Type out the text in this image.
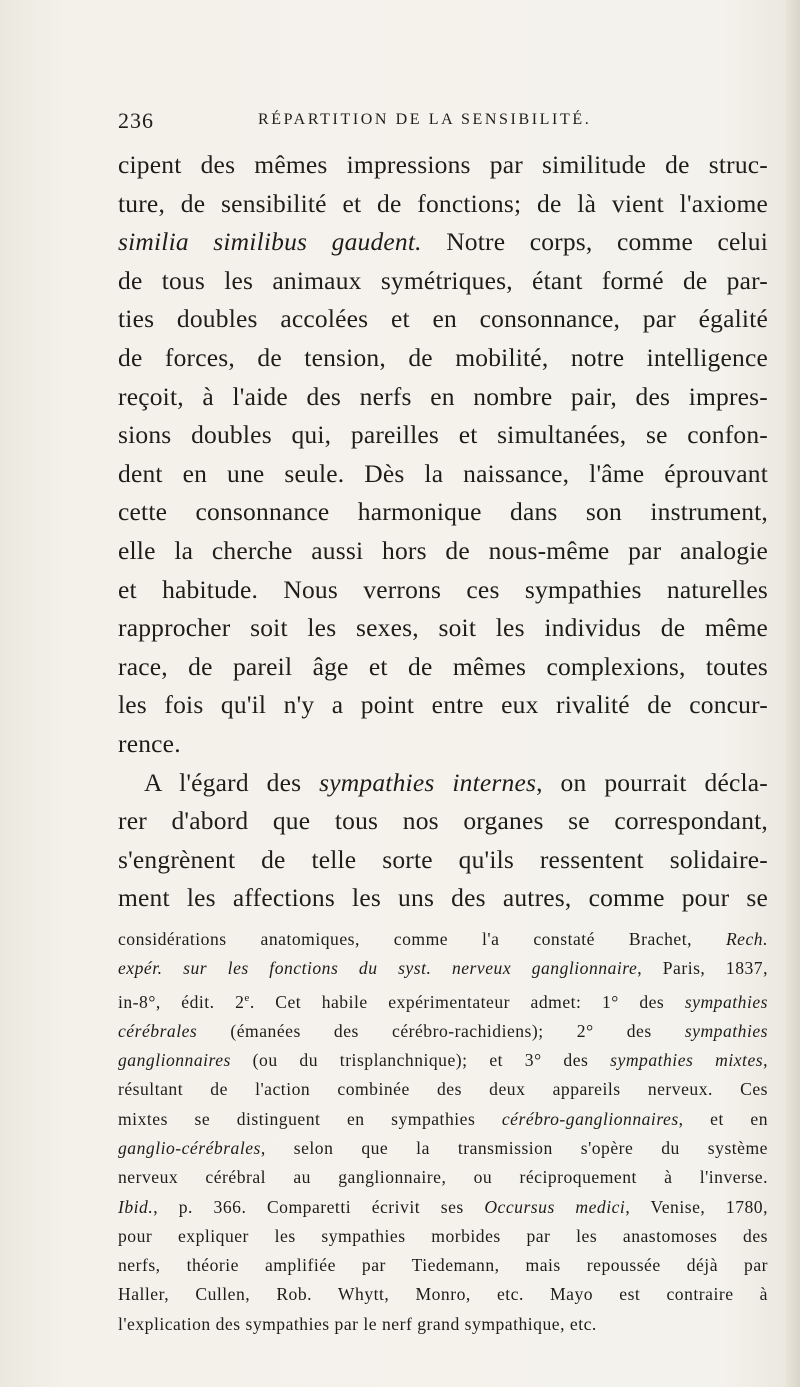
236	RÉPARTITION DE LA SENSIBILITÉ.
cipent des mêmes impressions par similitude de struc-
ture, de sensibilité et de fonctions; de là vient l'axiome
similia similibus gaudent. Notre corps, comme celui
de tous les animaux symétriques, étant formé de par-
ties doubles accolées et en consonnance, par égalité
de forces, de tension, de mobilité, notre intelligence
reçoit, à l'aide des nerfs en nombre pair, des impres-
sions doubles qui, pareilles et simultanées, se confon-
dent en une seule. Dès la naissance, l'âme éprouvant
cette consonnance harmonique dans son instrument,
elle la cherche aussi hors de nous-même par analogie
et habitude. Nous verrons ces sympathies naturelles
rapprocher soit les sexes, soit les individus de même
race, de pareil âge et de mêmes complexions, toutes
les fois qu'il n'y a point entre eux rivalité de concur-
rence.
A l'égard des sympathies internes, on pourrait décla-
rer d'abord que tous nos organes se correspondant,
s'engrènent de telle sorte qu'ils ressentent solidaire-
ment les affections les uns des autres, comme pour se
considérations anatomiques, comme l'a constaté Brachet, Rech.
expér. sur les fonctions du syst. nerveux ganglionnaire, Paris, 1837,
in-8°, édit. 2e. Cet habile expérimentateur admet: 1° des sympathies
cérébrales (émanées des cérébro-rachidiens); 2° des sympathies
ganglionnaires (ou du trisplanchnique); et 3° des sympathies mixtes,
résultant de l'action combinée des deux appareils nerveux. Ces
mixtes se distinguent en sympathies cérébro-ganglionnaires, et en
ganglio-cérébrales, selon que la transmission s'opère du système
nerveux cérébral au ganglionnaire, ou réciproquement à l'inverse.
Ibid., p. 366. Comparetti écrivit ses Occursus medici, Venise, 1780,
pour expliquer les sympathies morbides par les anastomoses des
nerfs, théorie amplifiée par Tiedemann, mais repoussée déjà par
Haller, Cullen, Rob. Whytt, Monro, etc. Mayo est contraire à
l'explication des sympathies par le nerf grand sympathique, etc.
